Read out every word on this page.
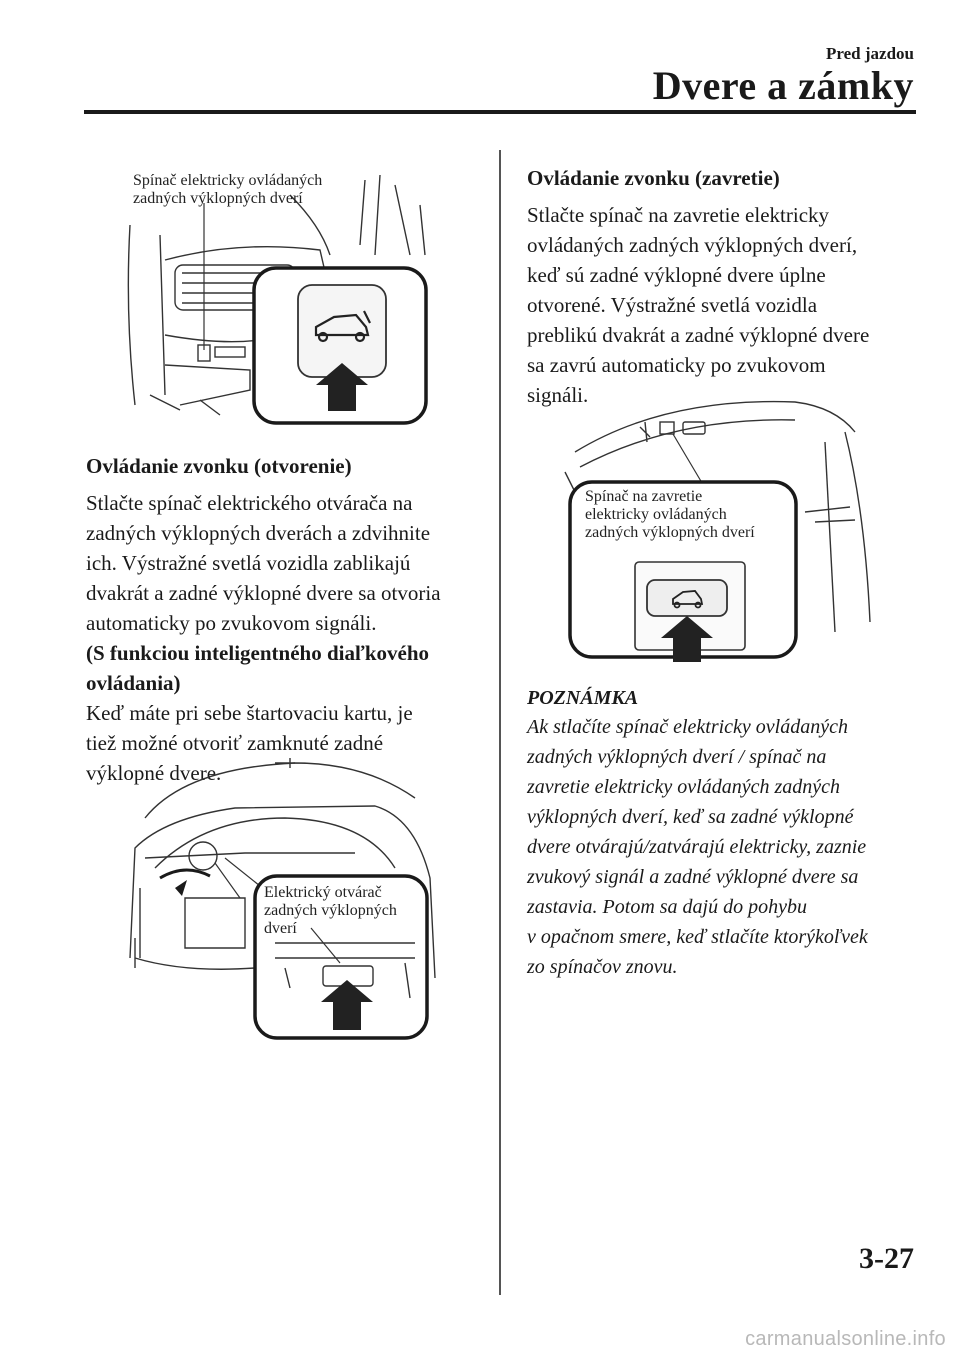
Pred jazdou
Dvere a zámky
Spínač elektricky ovládaných
zadných výklopných dverí
Ovládanie zvonku (otvorenie)

Stlačte spínač elektrického otvárača na

zadných výklopných dverách a zdvihnite

ich. Výstražné svetlá vozidla zablikajú

dvakrát a zadné výklopné dvere sa otvoria

automaticky po zvukovom signáli.

(S funkciou inteligentného diaľkového

ovládania)

Keď máte pri sebe štartovaciu kartu, je

tiež možné otvoriť zamknuté zadné

výklopné dvere.

Elektrický otvárač
zadných výklopných
dverí
Ovládanie zvonku (zavretie)

Stlačte spínač na zavretie elektricky

ovládaných zadných výklopných dverí,

keď sú zadné výklopné dvere úplne

otvorené. Výstražné svetlá vozidla

preblikú dvakrát a zadné výklopné dvere

sa zavrú automaticky po zvukovom

signáli.

Spínač na zavretie
elektricky ovládaných
zadných výklopných dverí
POZNÁMKA

Ak stlačíte spínač elektricky ovládaných

zadných výklopných dverí / spínač na

zavretie elektricky ovládaných zadných

výklopných dverí, keď sa zadné výklopné

dvere otvárajú/zatvárajú elektricky, zaznie

zvukový signál a zadné výklopné dvere sa

zastavia. Potom sa dajú do pohybu

v opačnom smere, keď stlačíte ktorýkoľvek

zo spínačov znovu.

3-27
carmanualsonline.info
